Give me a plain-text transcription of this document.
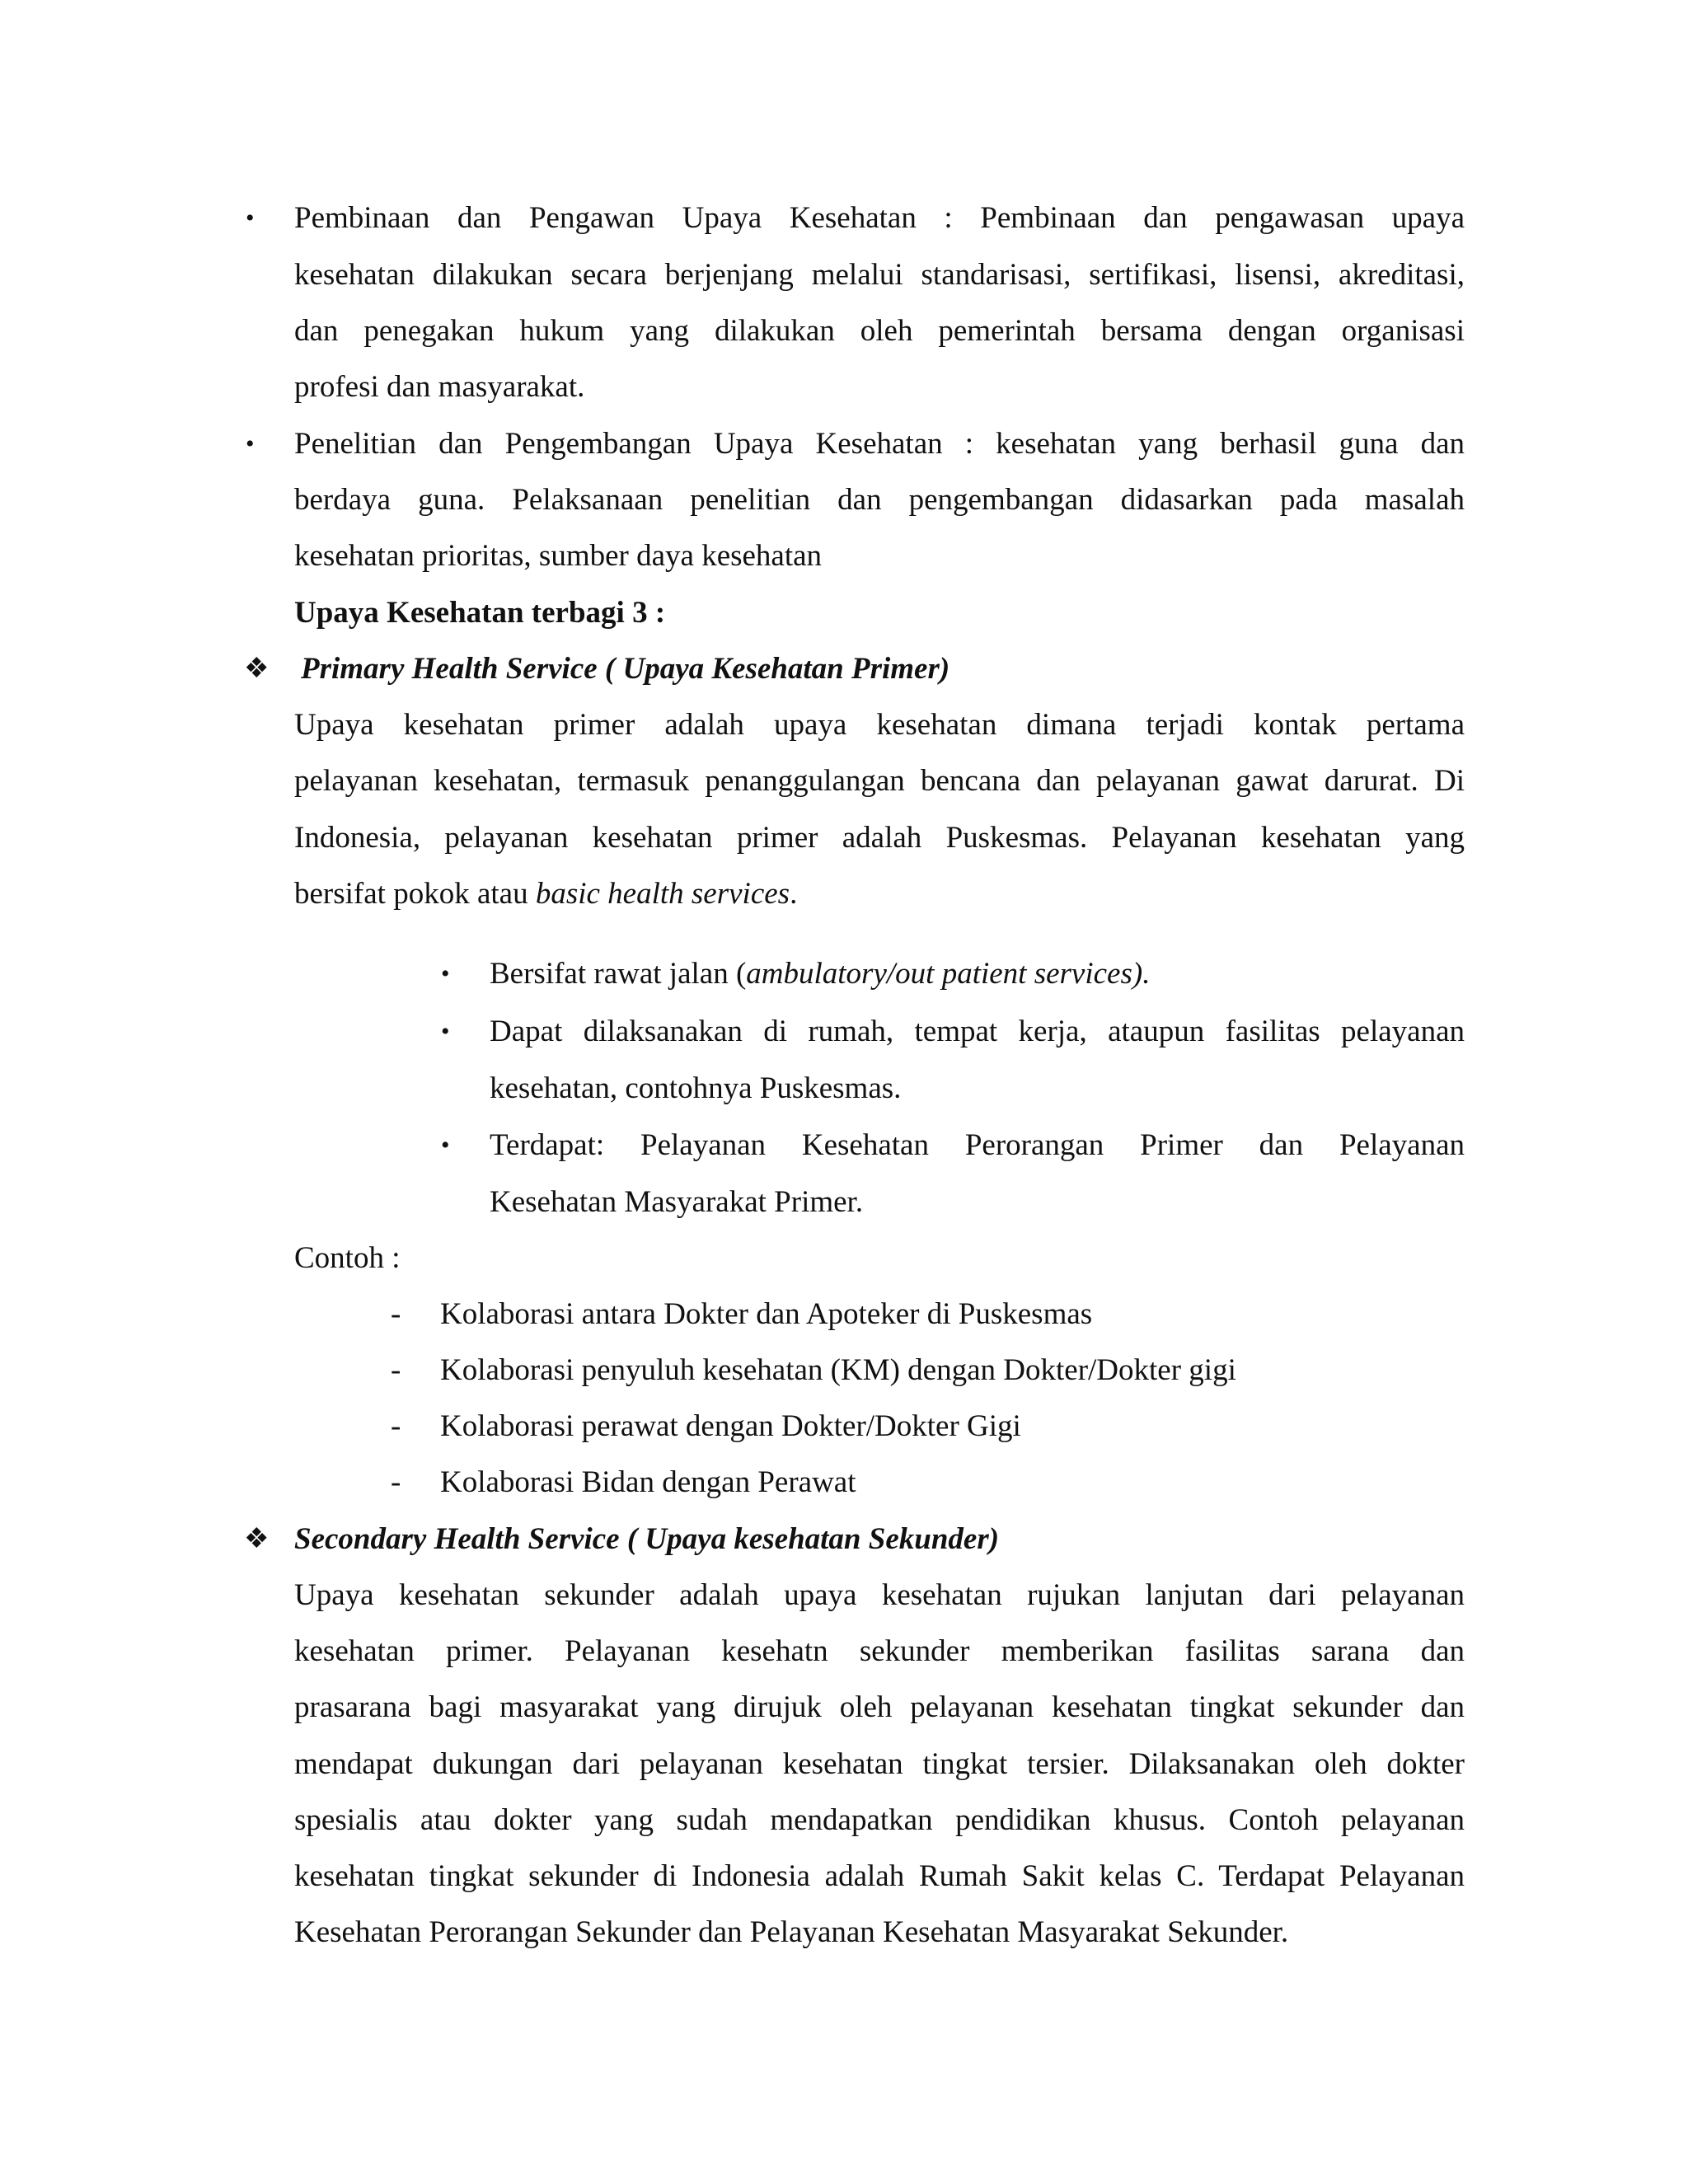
• Pembinaan dan Pengawan Upaya Kesehatan : Pembinaan dan pengawasan upaya
kesehatan dilakukan secara berjenjang melalui standarisasi, sertifikasi, lisensi, akreditasi,
dan penegakan hukum yang dilakukan oleh pemerintah bersama dengan organisasi
profesi dan masyarakat.
• Penelitian dan Pengembangan Upaya Kesehatan : kesehatan yang berhasil guna dan
berdaya guna. Pelaksanaan penelitian dan pengembangan didasarkan pada masalah
kesehatan prioritas, sumber daya kesehatan
Upaya Kesehatan terbagi 3 :
❖ Primary Health Service ( Upaya Kesehatan Primer)
Upaya kesehatan primer adalah upaya kesehatan dimana terjadi kontak pertama
pelayanan kesehatan, termasuk penanggulangan bencana dan pelayanan gawat darurat. Di
Indonesia, pelayanan kesehatan primer adalah Puskesmas. Pelayanan kesehatan yang
bersifat pokok atau basic health services.
• Bersifat rawat jalan (ambulatory/out patient services).
• Dapat dilaksanakan di rumah, tempat kerja, ataupun fasilitas pelayanan
kesehatan, contohnya Puskesmas.
• Terdapat: Pelayanan Kesehatan Perorangan Primer dan Pelayanan
Kesehatan Masyarakat Primer.
Contoh :
- Kolaborasi antara Dokter dan Apoteker di Puskesmas
- Kolaborasi penyuluh kesehatan (KM) dengan Dokter/Dokter gigi
- Kolaborasi perawat dengan Dokter/Dokter Gigi
- Kolaborasi Bidan dengan Perawat
❖ Secondary Health Service ( Upaya kesehatan Sekunder)
Upaya kesehatan sekunder adalah upaya kesehatan rujukan lanjutan dari pelayanan
kesehatan primer. Pelayanan kesehatn sekunder memberikan fasilitas sarana dan
prasarana bagi masyarakat yang dirujuk oleh pelayanan kesehatan tingkat sekunder dan
mendapat dukungan dari pelayanan kesehatan tingkat tersier. Dilaksanakan oleh dokter
spesialis atau dokter yang sudah mendapatkan pendidikan khusus. Contoh pelayanan
kesehatan tingkat sekunder di Indonesia adalah Rumah Sakit kelas C. Terdapat Pelayanan
Kesehatan Perorangan Sekunder dan Pelayanan Kesehatan Masyarakat Sekunder.
